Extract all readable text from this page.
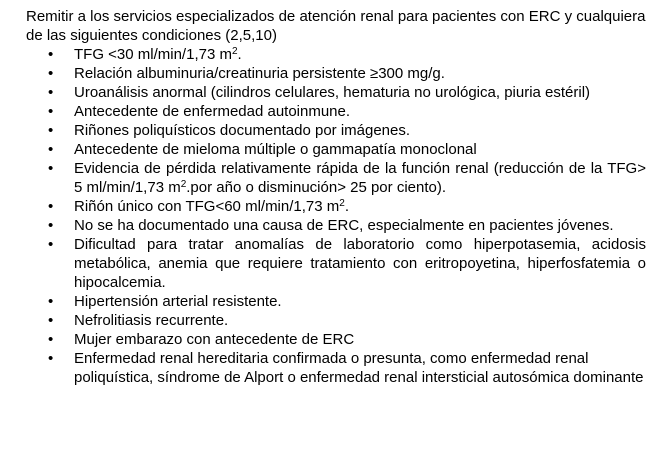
Remitir a los servicios especializados de atención renal para pacientes con ERC y cualquiera de las siguientes condiciones (2,5,10)

• TFG <30 ml/min/1,73 $m^2$.
• Relación albuminuria/creatinuria persistente ≥300 mg/g.
• Uroanálisis anormal (cilindros celulares, hematuria no urológica, piuria estéril)
• Antecedente de enfermedad autoinmune.
• Riñones poliquísticos documentado por imágenes.
• Antecedente de mieloma múltiple o gammapatía monoclonal
• Evidencia de pérdida relativamente rápida de la función renal (reducción de la TFG> 5 ml/min/1,73 $m^2.por$ año o disminución> 25 por ciento).
• Riñón único con TFG<60 ml/min/1,73 $m^2$.
• No se ha documentado una causa de ERC, especialmente en pacientes jóvenes.
• Dificultad para tratar anomalías de laboratorio como hiperpotasemia, acidosis metabólica, anemia que requiere tratamiento con eritropoyetina, hiperfosfatemia o hipocalcemia.
• Hipertensión arterial resistente.
• Nefrolitiasis recurrente.
• Mujer embarazo con antecedente de ERC
• Enfermedad renal hereditaria confirmada o presunta, como enfermedad renal poliquística, síndrome de Alport o enfermedad renal intersticial autosómica dominante
